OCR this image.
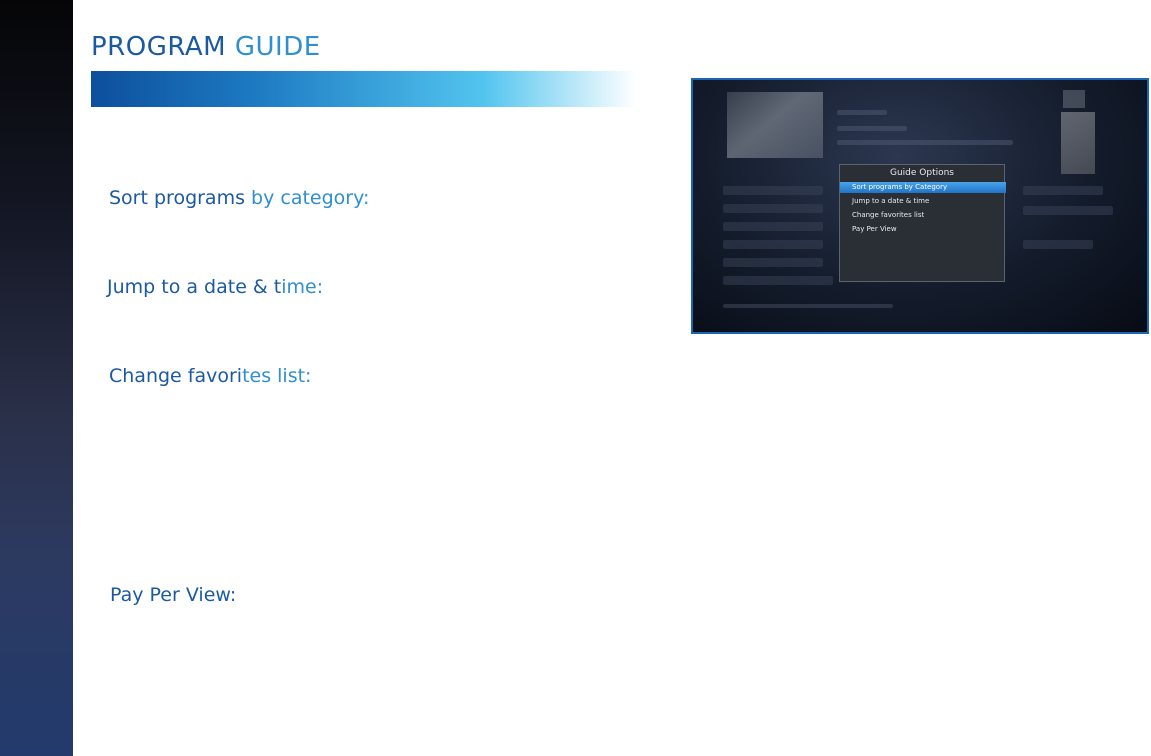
PROGRAM GUIDE
Sort programs by category:
Jump to a date & time:
Change favorites list:
Pay Per View:
Guide Options
Sort programs by Category
Jump to a date & time
Change favorites list
Pay Per View
